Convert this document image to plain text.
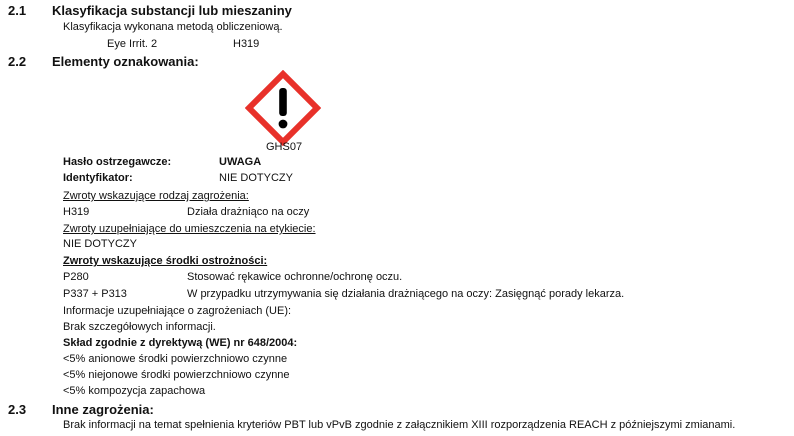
2.1 Klasyfikacja substancji lub mieszaniny
Klasyfikacja wykonana metodą obliczeniową.
Eye Irrit. 2	H319
2.2 Elementy oznakowania:
GHS07
Hasło ostrzegawcze:	UWAGA
Identyfikator:	NIE DOTYCZY
Zwroty wskazujące rodzaj zagrożenia:
H319	Działa drażniąco na oczy
Zwroty uzupełniające do umieszczenia na etykiecie:
NIE DOTYCZY
Zwroty wskazujące środki ostrożności:
P280	Stosować rękawice ochronne/ochronę oczu.
P337 + P313	W przypadku utrzymywania się działania drażniącego na oczy: Zasięgnąć porady lekarza.
Informacje uzupełniające o zagrożeniach (UE):
Brak szczegółowych informacji.
Skład zgodnie z dyrektywą (WE) nr 648/2004:
<5% anionowe środki powierzchniowo czynne
<5% niejonowe środki powierzchniowo czynne
<5% kompozycja zapachowa
2.3 Inne zagrożenia:
Brak informacji na temat spełnienia kryteriów PBT lub vPvB zgodnie z załącznikiem XIII rozporządzenia REACH z późniejszymi zmianami.
